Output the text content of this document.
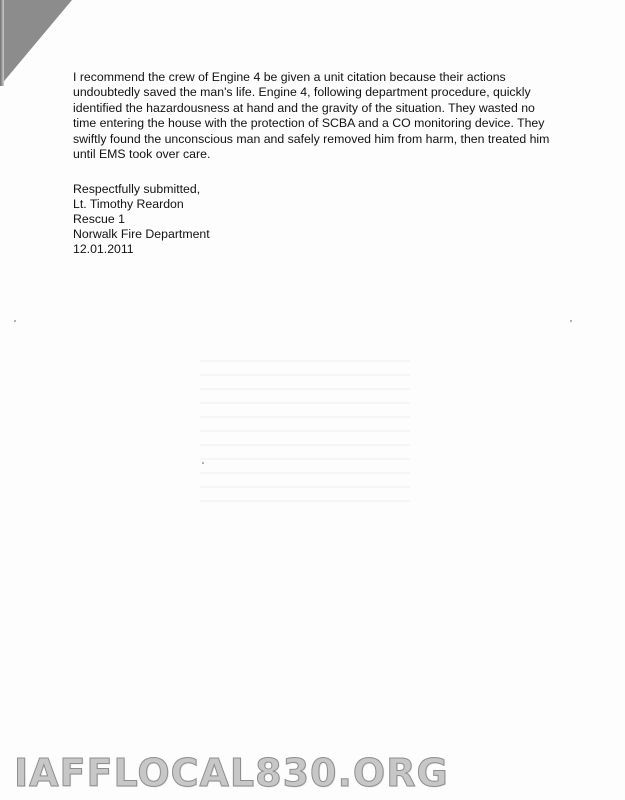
I recommend the crew of Engine 4 be given a unit citation because their actions
undoubtedly saved the man's life. Engine 4, following department procedure, quickly
identified the hazardousness at hand and the gravity of the situation. They wasted no
time entering the house with the protection of SCBA and a CO monitoring device. They
swiftly found the unconscious man and safely removed him from harm, then treated him
until EMS took over care.

Respectfully submitted,
Lt. Timothy Reardon
Rescue 1
Norwalk Fire Department
12.01.2011
IAFFLOCAL830.ORG
